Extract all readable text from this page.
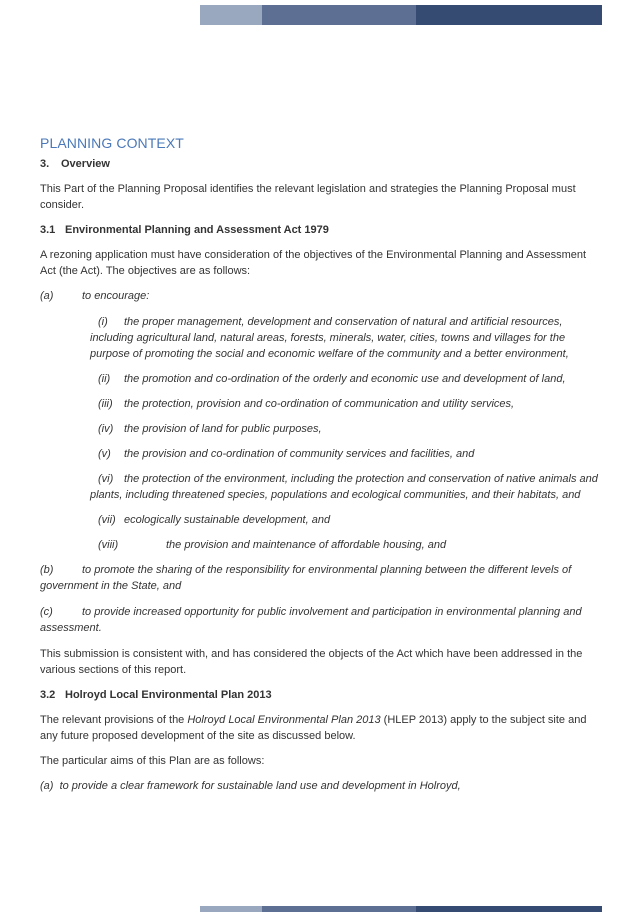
PLANNING CONTEXT
3. Overview

This Part of the Planning Proposal identifies the relevant legislation and strategies the Planning Proposal must consider.

3.1 Environmental Planning and Assessment Act 1979

A rezoning application must have consideration of the objectives of the Environmental Planning and Assessment Act (the Act). The objectives are as follows:

(a)	to encourage:
(i) the proper management, development and conservation of natural and artificial resources, including agricultural land, natural areas, forests, minerals, water, cities, towns and villages for the purpose of promoting the social and economic welfare of the community and a better environment,
(ii) the promotion and co-ordination of the orderly and economic use and development of land,
(iii) the protection, provision and co-ordination of communication and utility services,
(iv) the provision of land for public purposes,
(v) the provision and co-ordination of community services and facilities, and
(vi) the protection of the environment, including the protection and conservation of native animals and plants, including threatened species, populations and ecological communities, and their habitats, and
(vii) ecologically sustainable development, and
(viii)	the provision and maintenance of affordable housing, and
(b)	to promote the sharing of the responsibility for environmental planning between the different levels of government in the State, and
(c)	to provide increased opportunity for public involvement and participation in environmental planning and assessment.

This submission is consistent with, and has considered the objects of the Act which have been addressed in the various sections of this report.

3.2 Holroyd Local Environmental Plan 2013

The relevant provisions of the Holroyd Local Environmental Plan 2013 (HLEP 2013) apply to the subject site and any future proposed development of the site as discussed below.

The particular aims of this Plan are as follows:

(a) to provide a clear framework for sustainable land use and development in Holroyd,
